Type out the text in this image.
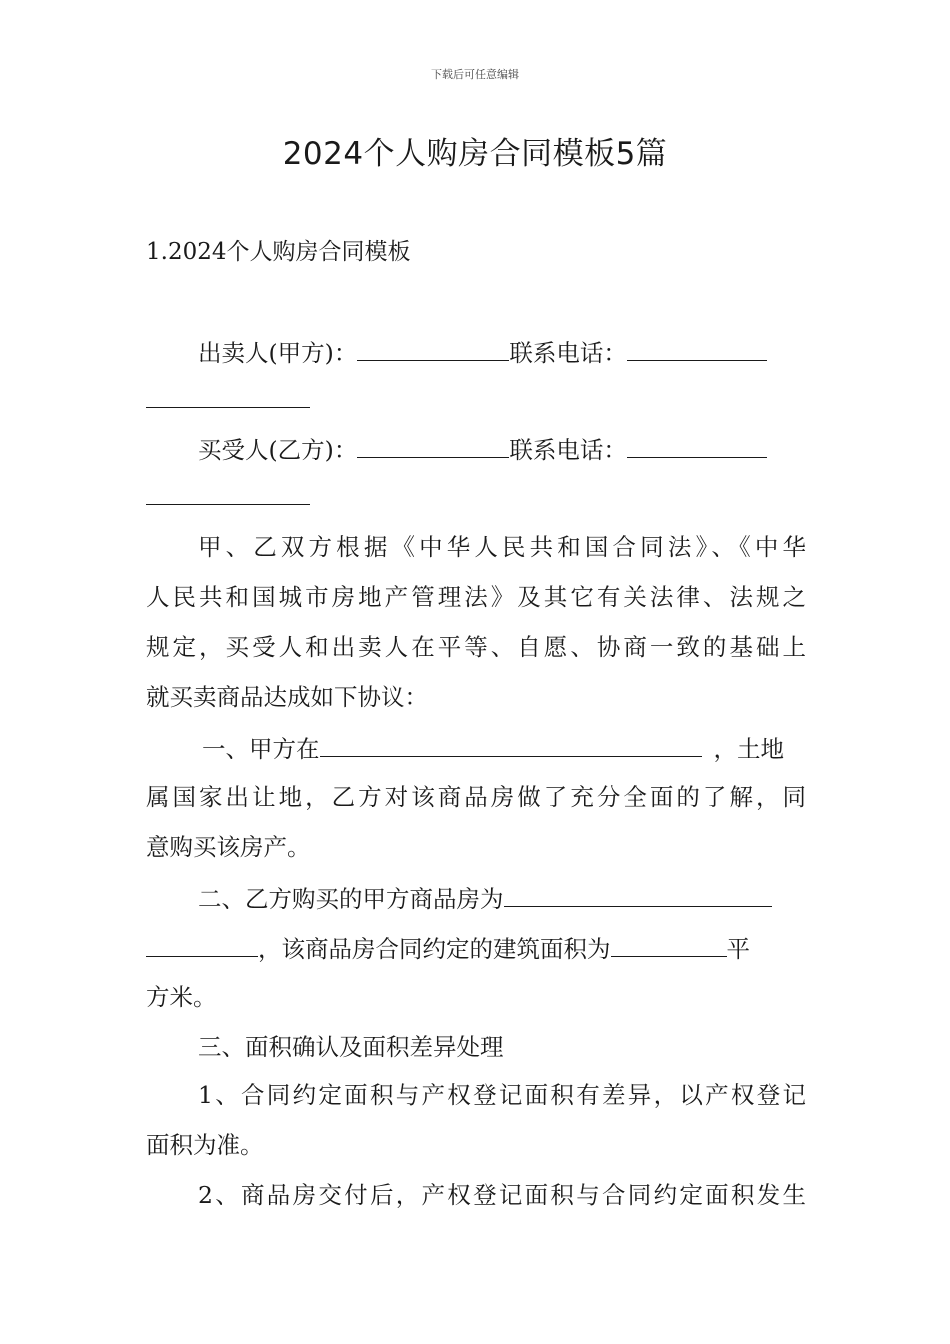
下载后可任意编辑
2024个人购房合同模板5篇
1.2024个人购房合同模板
出卖人(甲方)：	联系电话：
买受人(乙方)：	联系电话：
甲、乙双方根据《中华人民共和国合同法》、《中华
人民共和国城市房地产管理法》及其它有关法律、法规之
规定，买受人和出卖人在平等、自愿、协商一致的基础上
就买卖商品达成如下协议：
一、甲方在	，土地
属国家出让地，乙方对该商品房做了充分全面的了解，同
意购买该房产。
二、乙方购买的甲方商品房为
，该商品房合同约定的建筑面积为	平
方米。
三、面积确认及面积差异处理
1、合同约定面积与产权登记面积有差异，以产权登记
面积为准。
2、商品房交付后，产权登记面积与合同约定面积发生
